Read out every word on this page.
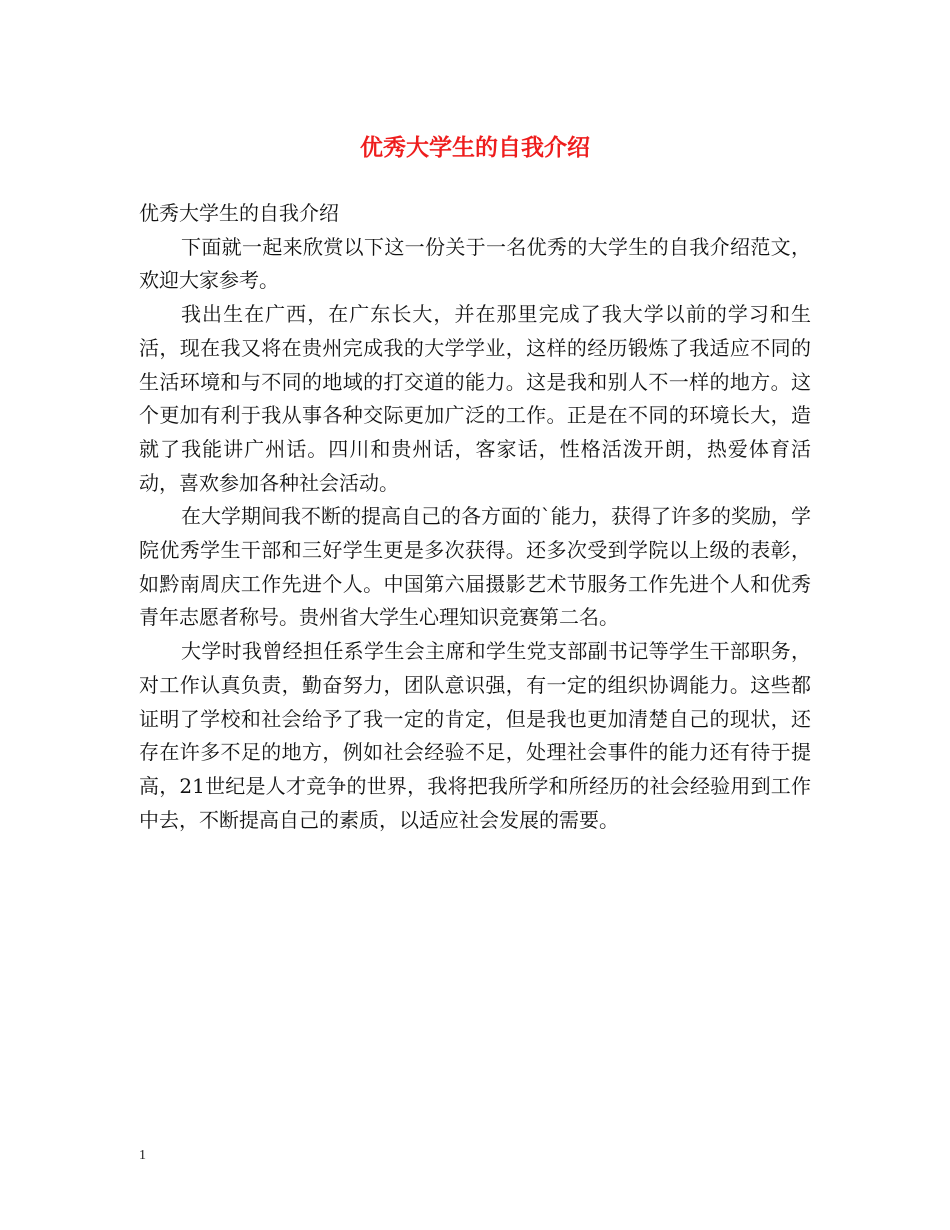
优秀大学生的自我介绍

优秀大学生的自我介绍

下面就一起来欣赏以下这一份关于一名优秀的大学生的自我介绍范文，欢迎大家参考。

我出生在广西，在广东长大，并在那里完成了我大学以前的学习和生活，现在我又将在贵州完成我的大学学业，这样的经历锻炼了我适应不同的生活环境和与不同的地域的打交道的能力。这是我和别人不一样的地方。这个更加有利于我从事各种交际更加广泛的工作。正是在不同的环境长大，造就了我能讲广州话。四川和贵州话，客家话，性格活泼开朗，热爱体育活动，喜欢参加各种社会活动。

在大学期间我不断的提高自己的各方面的`能力，获得了许多的奖励，学院优秀学生干部和三好学生更是多次获得。还多次受到学院以上级的表彰，如黔南周庆工作先进个人。中国第六届摄影艺术节服务工作先进个人和优秀青年志愿者称号。贵州省大学生心理知识竞赛第二名。

大学时我曾经担任系学生会主席和学生党支部副书记等学生干部职务，对工作认真负责，勤奋努力，团队意识强，有一定的组织协调能力。这些都证明了学校和社会给予了我一定的肯定，但是我也更加清楚自己的现状，还存在许多不足的地方，例如社会经验不足，处理社会事件的能力还有待于提高，21世纪是人才竞争的世界，我将把我所学和所经历的社会经验用到工作中去，不断提高自己的素质，以适应社会发展的需要。

1
